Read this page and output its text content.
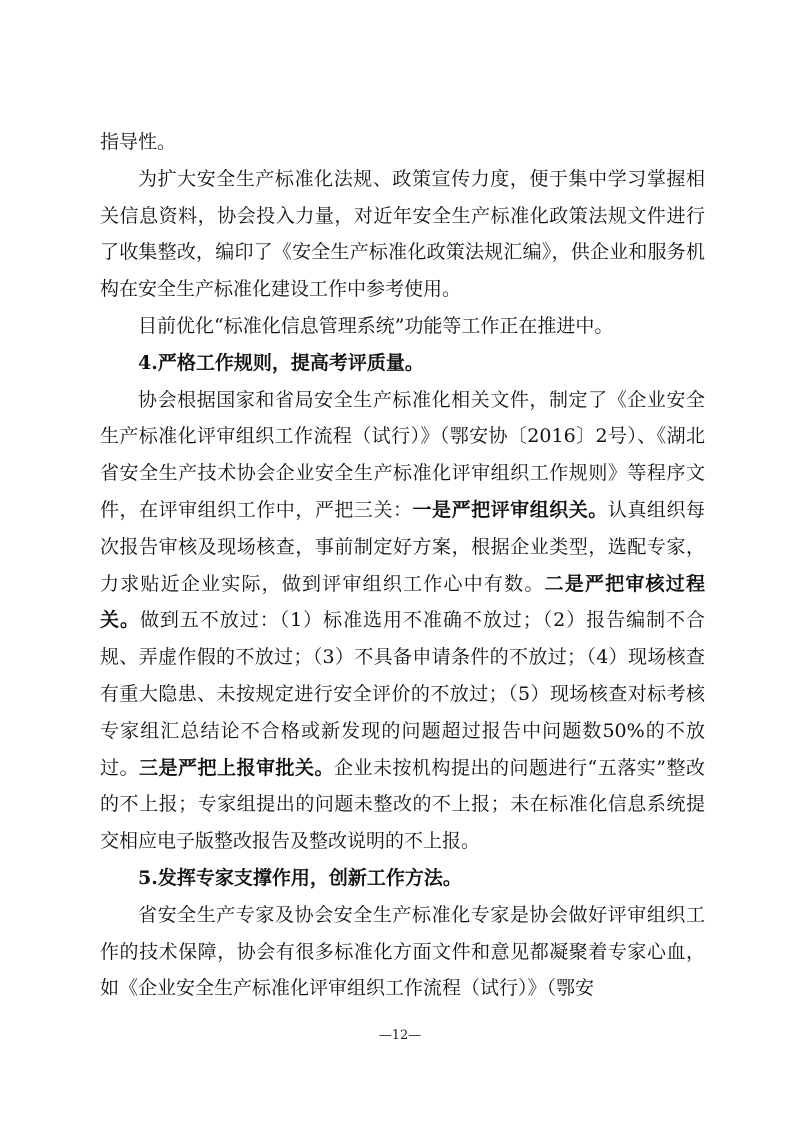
指导性。

为扩大安全生产标准化法规、政策宣传力度，便于集中学习掌握相关信息资料，协会投入力量，对近年安全生产标准化政策法规文件进行了收集整改，编印了《安全生产标准化政策法规汇编》，供企业和服务机构在安全生产标准化建设工作中参考使用。

目前优化“标准化信息管理系统”功能等工作正在推进中。

4.严格工作规则，提高考评质量。

协会根据国家和省局安全生产标准化相关文件，制定了《企业安全生产标准化评审组织工作流程（试行）》（鄂安协〔2016〕2号）、《湖北省安全生产技术协会企业安全生产标准化评审组织工作规则》等程序文件，在评审组织工作中，严把三关：一是严把评审组织关。认真组织每次报告审核及现场核查，事前制定好方案，根据企业类型，选配专家，力求贴近企业实际，做到评审组织工作心中有数。二是严把审核过程关。做到五不放过：（1）标准选用不准确不放过；（2）报告编制不合规、弄虚作假的不放过；（3）不具备申请条件的不放过；（4）现场核查有重大隐患、未按规定进行安全评价的不放过；（5）现场核查对标考核专家组汇总结论不合格或新发现的问题超过报告中问题数50%的不放过。三是严把上报审批关。企业未按机构提出的问题进行“五落实”整改的不上报；专家组提出的问题未整改的不上报；未在标准化信息系统提交相应电子版整改报告及整改说明的不上报。

5.发挥专家支撑作用，创新工作方法。

省安全生产专家及协会安全生产标准化专家是协会做好评审组织工作的技术保障，协会有很多标准化方面文件和意见都凝聚着专家心血，如《企业安全生产标准化评审组织工作流程（试行）》（鄂安

—12—
